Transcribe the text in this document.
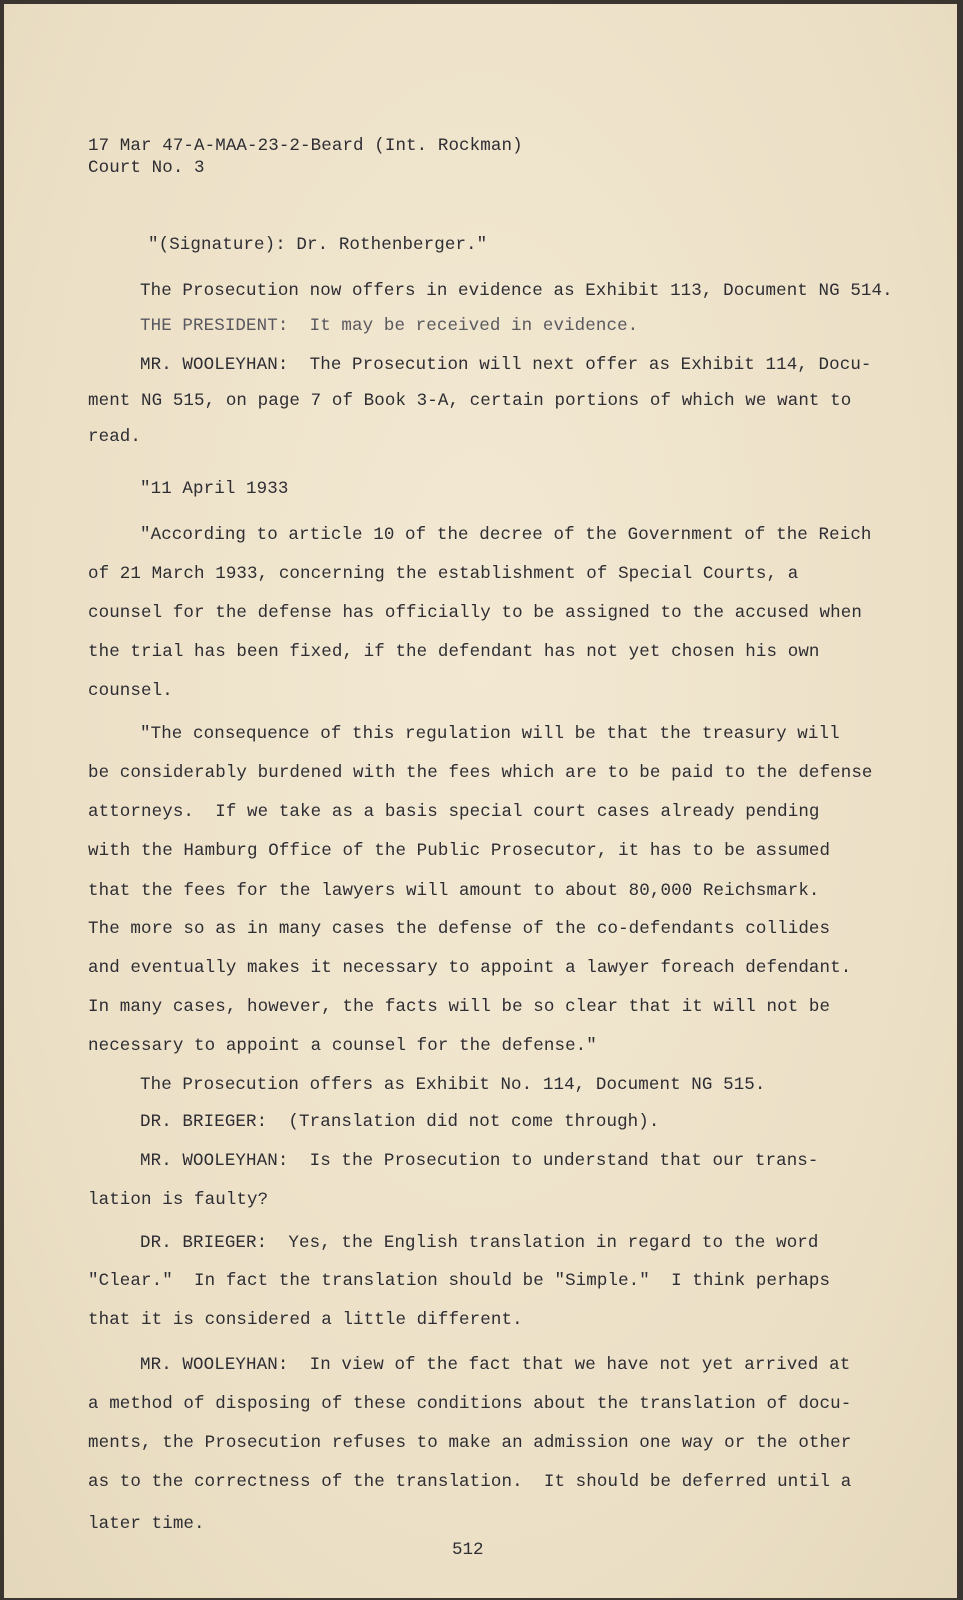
17 Mar 47-A-MAA-23-2-Beard (Int. Rockman)
Court No. 3
"(Signature): Dr. Rothenberger."
The Prosecution now offers in evidence as Exhibit 113, Document NG 514.
THE PRESIDENT:  It may be received in evidence.
MR. WOOLEYHAN:  The Prosecution will next offer as Exhibit 114, Docu-
ment NG 515, on page 7 of Book 3-A, certain portions of which we want to
read.
"11 April 1933
"According to article 10 of the decree of the Government of the Reich
of 21 March 1933, concerning the establishment of Special Courts, a
counsel for the defense has officially to be assigned to the accused when
the trial has been fixed, if the defendant has not yet chosen his own
counsel.
"The consequence of this regulation will be that the treasury will
be considerably burdened with the fees which are to be paid to the defense
attorneys.  If we take as a basis special court cases already pending
with the Hamburg Office of the Public Prosecutor, it has to be assumed
that the fees for the lawyers will amount to about 80,000 Reichsmark.
The more so as in many cases the defense of the co-defendants collides
and eventually makes it necessary to appoint a lawyer foreach defendant.
In many cases, however, the facts will be so clear that it will not be
necessary to appoint a counsel for the defense."
The Prosecution offers as Exhibit No. 114, Document NG 515.
DR. BRIEGER:  (Translation did not come through).
MR. WOOLEYHAN:  Is the Prosecution to understand that our trans-
lation is faulty?
DR. BRIEGER:  Yes, the English translation in regard to the word
"Clear."  In fact the translation should be "Simple."  I think perhaps
that it is considered a little different.
MR. WOOLEYHAN:  In view of the fact that we have not yet arrived at
a method of disposing of these conditions about the translation of docu-
ments, the Prosecution refuses to make an admission one way or the other
as to the correctness of the translation.  It should be deferred until a
later time.
512
